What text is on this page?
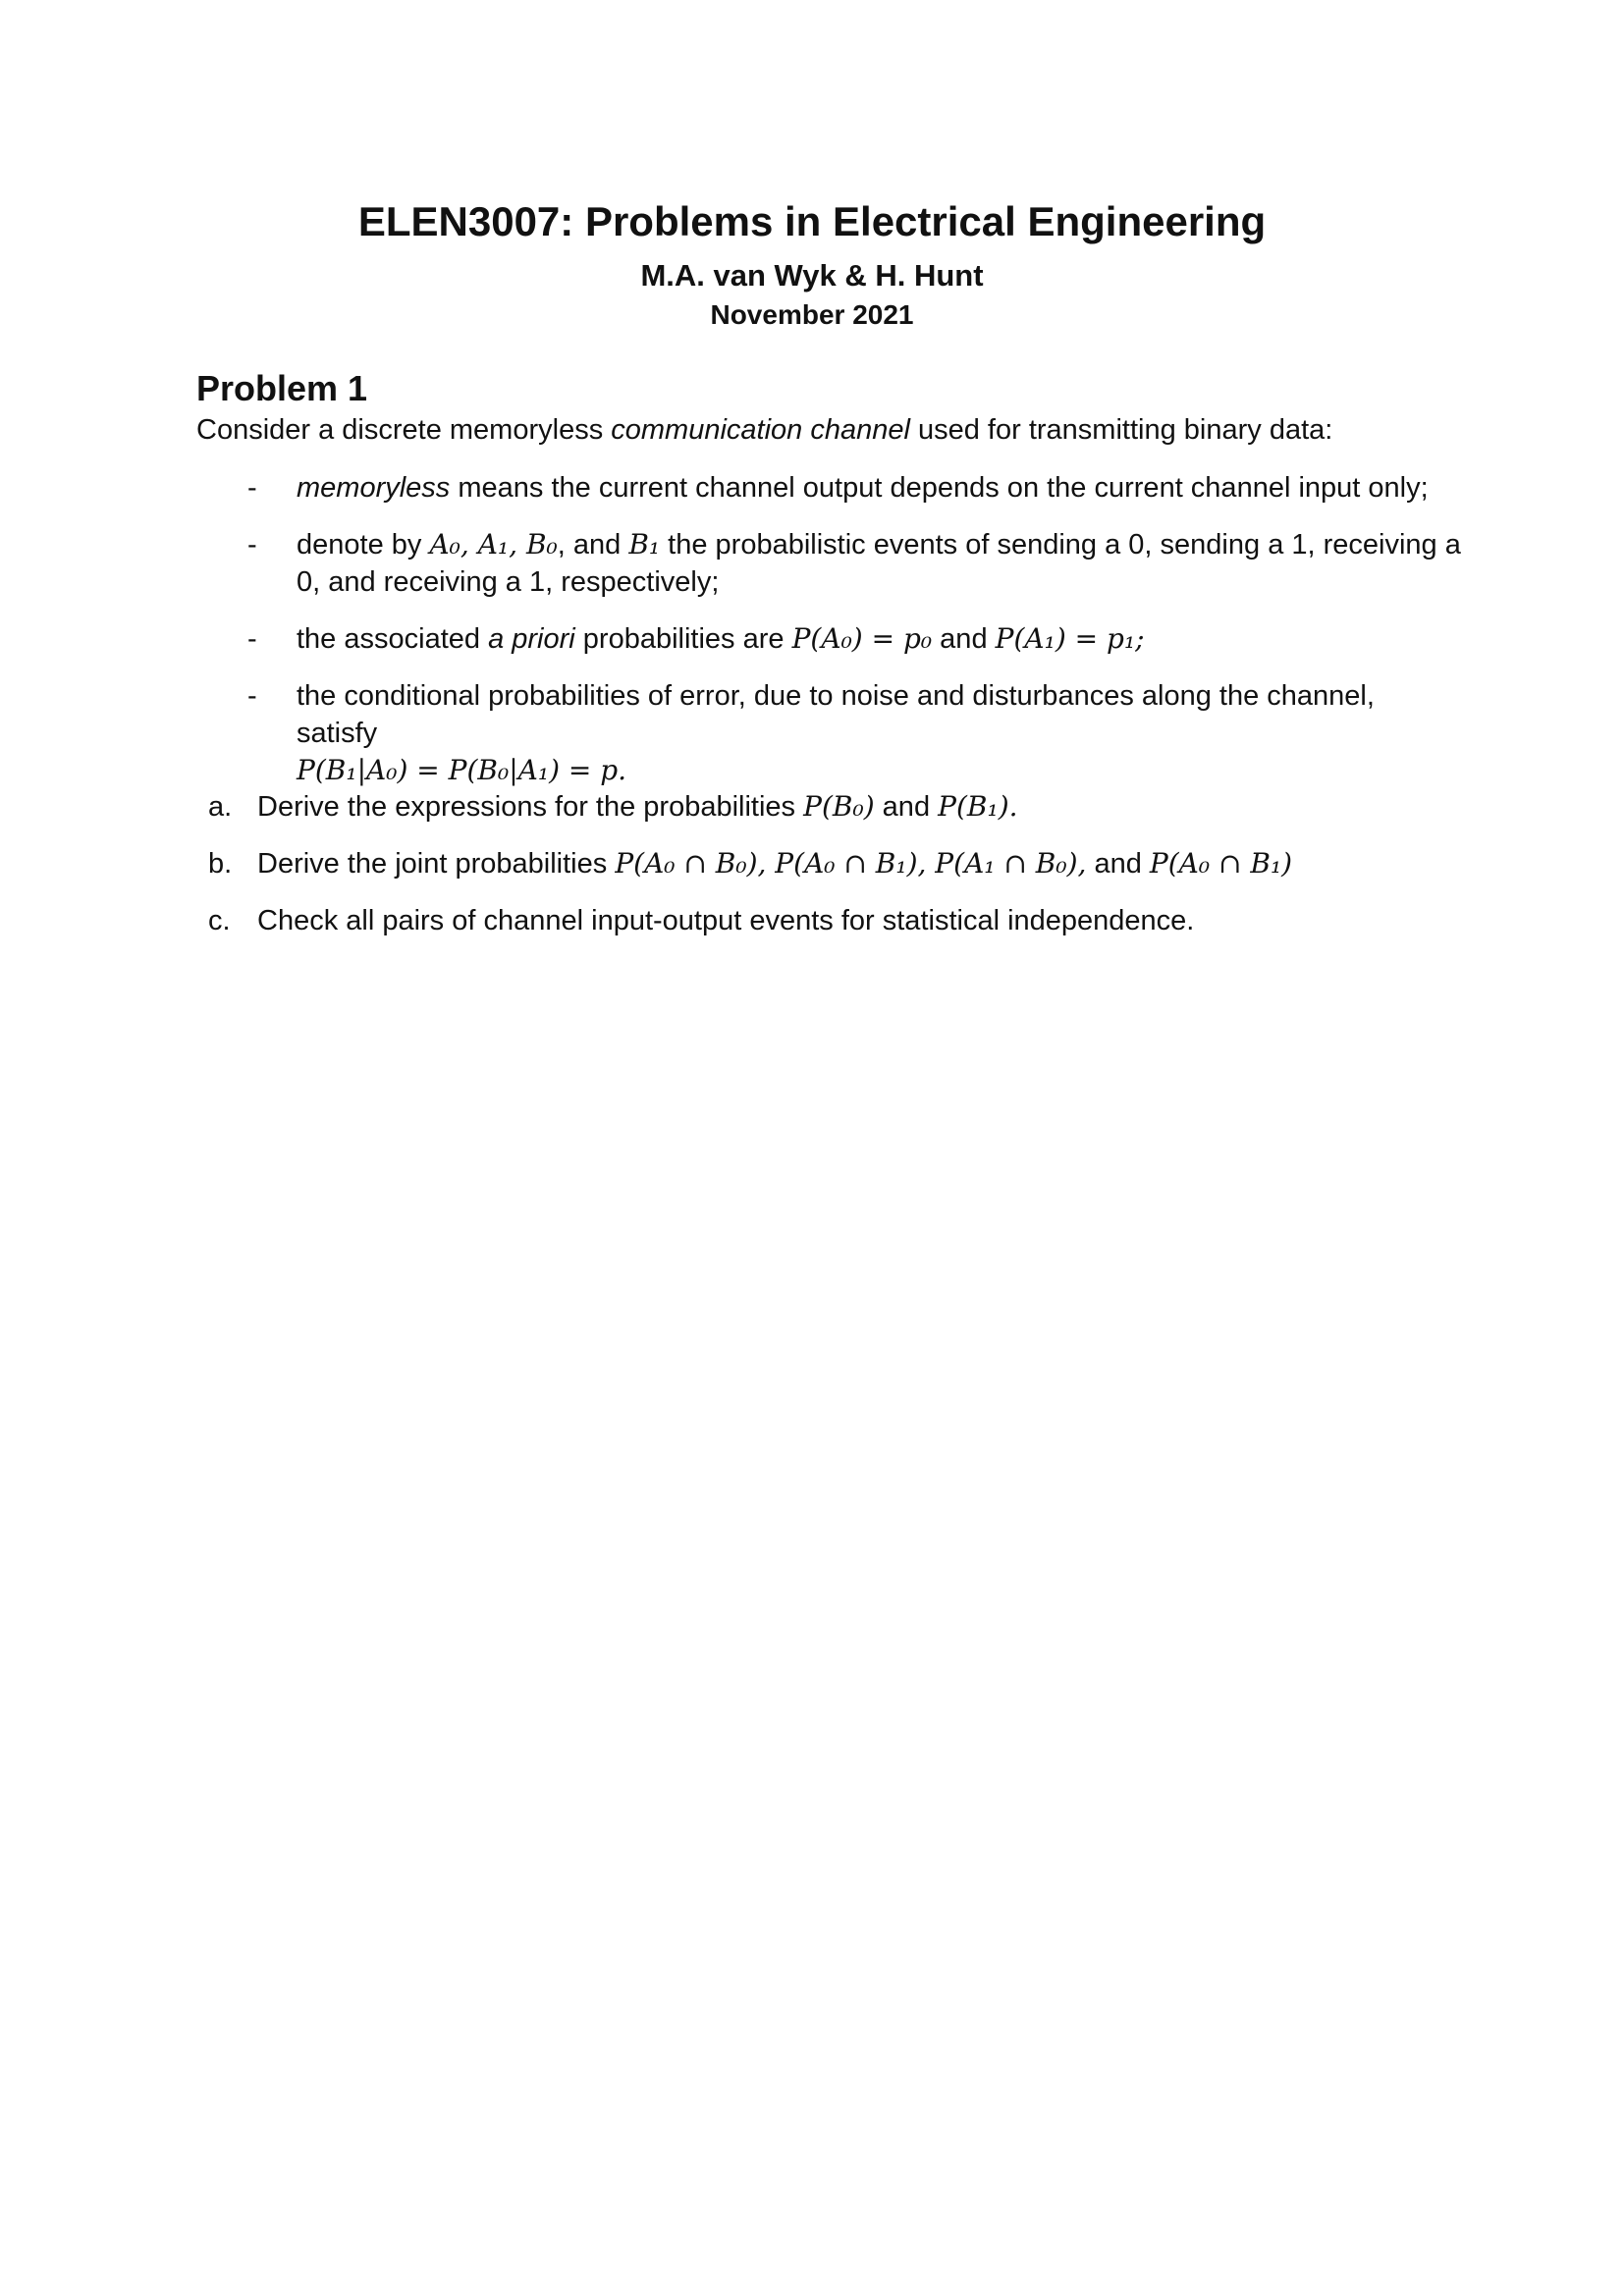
ELEN3007: Problems in Electrical Engineering
M.A. van Wyk & H. Hunt
November 2021
Problem 1
Consider a discrete memoryless communication channel used for transmitting binary data:
- memoryless means the current channel output depends on the current channel input only;
- denote by A₀, A₁, B₀, and B₁ the probabilistic events of sending a 0, sending a 1, receiving a 0, and receiving a 1, respectively;
- the associated a priori probabilities are P(A₀) = p₀ and P(A₁) = p₁;
- the conditional probabilities of error, due to noise and disturbances along the channel, satisfy
P(B₁|A₀) = P(B₀|A₁) = p.
a. Derive the expressions for the probabilities P(B₀) and P(B₁).
b. Derive the joint probabilities P(A₀ ∩ B₀), P(A₀ ∩ B₁), P(A₁ ∩ B₀), and P(A₀ ∩ B₁)
c. Check all pairs of channel input-output events for statistical independence.
